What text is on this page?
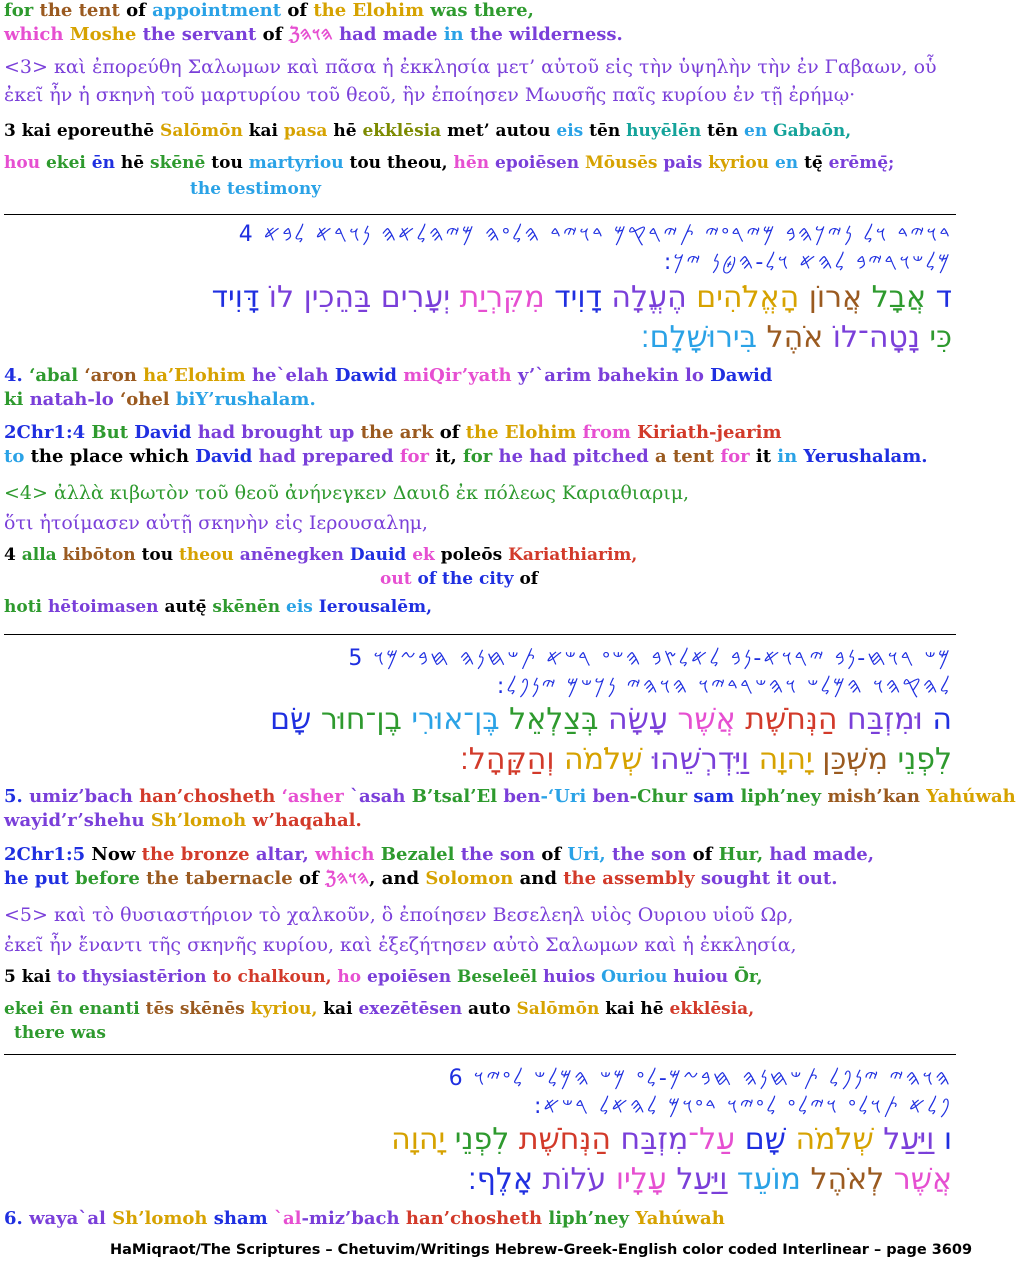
for the tent of appointment of the Elohim was there,
which Moshe the servant of ℨ𐤄𐤅𐤄 had made in the wilderness.
<3> καὶ ἐπορεύθη Σαλωμων καὶ πᾶσα ἡ ἐκκλησία μετ’ αὐτοῦ εἰς τὴν ὑψηλὴν τὴν ἐν Γαβαων, οὗ
ἐκεῖ ἦν ἡ σκηνὴ τοῦ μαρτυρίου τοῦ θεοῦ, ἣν ἐποίησεν Μωυσῆς παῖς κυρίου ἐν τῇ ἐρήμῳ·
3 kai eporeuthē Salōmōn kai pasa hē ekklēsia met’ autou eis tēn huyēlēn tēn en Gabaōn,
hou ekei ēn hē skēnē tou martyriou tou theou, hēn epoiēsen Mōusēs pais kyriou en tę̄ erēmę̄;
the testimony
4. ‘abal ‘aron ha’Elohim he`elah Dawid miQir’yath y’`arim bahekin lo Dawid
ki natah-lo ‘ohel biY’rushalam.
2Chr1:4 But David had brought up the ark of the Elohim from Kiriath-jearim
to the place which David had prepared for it, for he had pitched a tent for it in Yerushalam.
<4> ἀλλὰ κιβωτὸν τοῦ θεοῦ ἀνήνεγκεν Δαυιδ ἐκ πόλεως Καριαθιαριμ,
ὅτι ἡτοίμασεν αὐτῇ σκηνὴν εἰς Ιερουσαλημ,
4 alla kibōton tou theou anēnegken Dauid ek poleōs Kariathiarim,
out of the city of
hoti hētoimasen autę̄ skēnēn eis Ierousalēm,
5. umiz’bach han’chosheth ‘asher `asah B’tsal’El ben-‘Uri ben-Chur sam liph’ney mish’kan Yahúwah
wayid’r’shehu Sh’lomoh w’haqahal.
2Chr1:5 Now the bronze altar, which Bezalel the son of Uri, the son of Hur, had made,
he put before the tabernacle of ℨ𐤄𐤅𐤄, and Solomon and the assembly sought it out.
<5> καὶ τὸ θυσιαστήριον τὸ χαλκοῦν, ὃ ἐποίησεν Βεσελεηλ υἱὸς Ουριου υἱοῦ Ωρ,
ἐκεῖ ἦν ἔναντι τῆς σκηνῆς κυρίου, καὶ ἐξεζήτησεν αὐτὸ Σαλωμων καὶ ἡ ἐκκλησία,
5 kai to thysiastērion to chalkoun, ho epoiēsen Beseleēl huios Ouriou huiou Ōr,
ekei ēn enanti tēs skēnēs kyriou, kai exezētēsen auto Salōmōn kai hē ekklēsia,
there was
6. waya`al Sh’lomoh sham `al-miz’bach han’chosheth liph’ney Yahúwah
𐤃𐤅𐤉𐤃 𐤅𐤋 𐤍𐤉𐤊𐤄𐤁 𐤌𐤉𐤓𐤏𐤉 𐤕𐤉𐤓𐤒𐤌 𐤃𐤅𐤉𐤃 𐤄𐤋𐤏𐤄 𐤌𐤉𐤄𐤋𐤀𐤄 𐤍𐤅𐤓𐤀 𐤋𐤁𐤀 4
:𐤌𐤋𐤔𐤅𐤓𐤉𐤁 𐤋𐤄𐤀 𐤅𐤋-𐤄𐤈𐤍 𐤉𐤊
𐤌𐤔 𐤓𐤅𐤇-𐤍𐤁 𐤉𐤓𐤅𐤀-𐤍𐤁 𐤋𐤀𐤋𐤑𐤁 𐤄𐤔𐤏 𐤓𐤔𐤀 𐤕𐤔𐤇𐤍𐤄 𐤇𐤁𐤆𐤌𐤅 5
:𐤋𐤄𐤒𐤄𐤅 𐤄𐤌𐤋𐤔 𐤅𐤄𐤔𐤓𐤃𐤉𐤅 𐤄𐤅𐤄𐤉 𐤍𐤊𐤔𐤌 𐤉𐤍𐤐𐤋
𐤄𐤅𐤄𐤉 𐤉𐤍𐤐𐤋 𐤕𐤔𐤇𐤍𐤄 𐤇𐤁𐤆𐤌-𐤋𐤏 𐤌𐤔 𐤄𐤌𐤋𐤔 𐤋𐤏𐤉𐤅 6
:𐤐𐤋𐤀 𐤕𐤅𐤋𐤏 𐤅𐤉𐤋𐤏 𐤋𐤏𐤉𐤅 𐤃𐤏𐤅𐤌 𐤋𐤄𐤀𐤋 𐤓𐤔𐤀
ד אֲבָל אֲרוֹן הָאֱלֹהִים הֶעֱלָה דָוִיד מִקִּרְיַת יְעָרִים בַּהֵכִין לוֹ דָּוִיד
כִּי נָטָה־לוֹ אֹהֶל בִּירוּשָׁלָם׃
ה וּמִזְבַּח הַנְּחֹשֶׁת אֲשֶׁר עָשָׂה בְּצַלְאֵל בֶּן־אוּרִי בֶן־חוּר שָׂם
לִפְנֵי מִשְׁכַּן יָהוָה וַיִּדְרְשֵׁהוּ שְׁלֹמֹה וְהַקָּהָל׃
ו וַיַּעַל שְׁלֹמֹה שָׁם עַל־מִזְבַּח הַנְּחֹשֶׁת לִפְנֵי יָהוָה
אֲשֶׁר לְאֹהֶל מוֹעֵד וַיַּעַל עָלָיו עֹלוֹת אָלֶף׃
HaMiqraot/The Scriptures – Chetuvim/Writings Hebrew-Greek-English color coded Interlinear – page 3609
